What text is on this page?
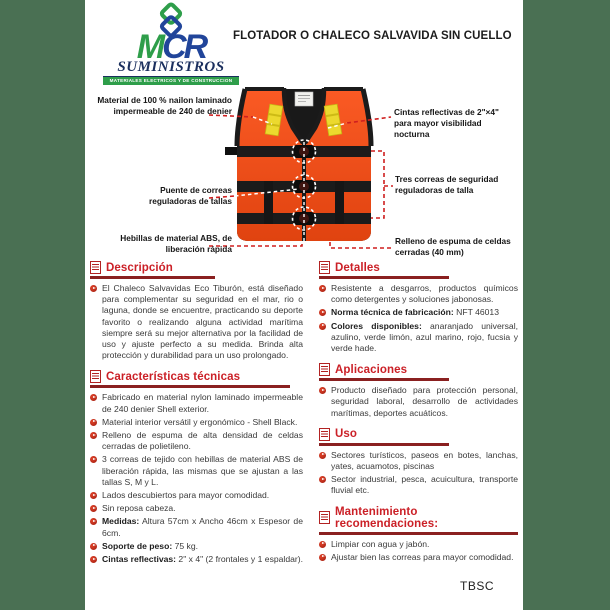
MCR
SUMINISTROS
MATERIALES ELECTRICOS Y DE CONSTRUCCION
FLOTADOR O CHALECO SALVAVIDA SIN CUELLO
Material de 100 % nailon laminado impermeable de 240 de denier	Cintas reflectivas de 2"×4" para mayor visibilidad nocturna
Puente de correas reguladoras de tallas
Tres correas de seguridad reguladoras de talla
Hebillas de material ABS, de liberación rápida
Relleno de espuma de celdas cerradas (40 mm)
Descripción
El Chaleco Salvavidas Eco Tiburón, está diseñado para complementar su seguridad en el mar, rio o laguna, donde se encuentre, practicando su deporte favorito o realizando alguna actividad marítima siempre será su mejor alternativa por la facilidad de uso y ajuste perfecto a su medida. Brinda alta protección y durabilidad para un uso prolongado.
Características técnicas
Fabricado en material nylon laminado impermeable de 240 denier Shell exterior.
Material interior versátil y ergonómico - Shell Black.
Relleno de espuma de alta densidad de celdas cerradas de polietileno.
3 correas de tejido con hebillas de material ABS de liberación rápida, las mismas que se ajustan a las tallas S, M y L.
Lados descubiertos para mayor comodidad.
Sin reposa cabeza.
Medidas: Altura 57cm x Ancho 46cm x Espesor de 6cm.
Soporte de peso: 75 kg.
Cintas reflectivas: 2" x 4" (2 frontales y 1 espaldar).
Detalles
Resistente a desgarros, productos químicos como detergentes y soluciones jabonosas.
Norma técnica de fabricación: NFT 46013
Colores disponibles: anaranjado universal, azulino, verde limón, azul marino, rojo, fucsia y verde hade.
Aplicaciones
Producto diseñado para protección personal, seguridad laboral, desarrollo de actividades marítimas, deportes acuáticos.
Uso
Sectores turísticos, paseos en botes, lanchas, yates, acuamotos, piscinas
Sector industrial, pesca, acuicultura, transporte fluvial etc.
Mantenimiento recomendaciones:
Limpiar con agua y jabón.
Ajustar bien las correas para mayor comodidad.
TBSC
